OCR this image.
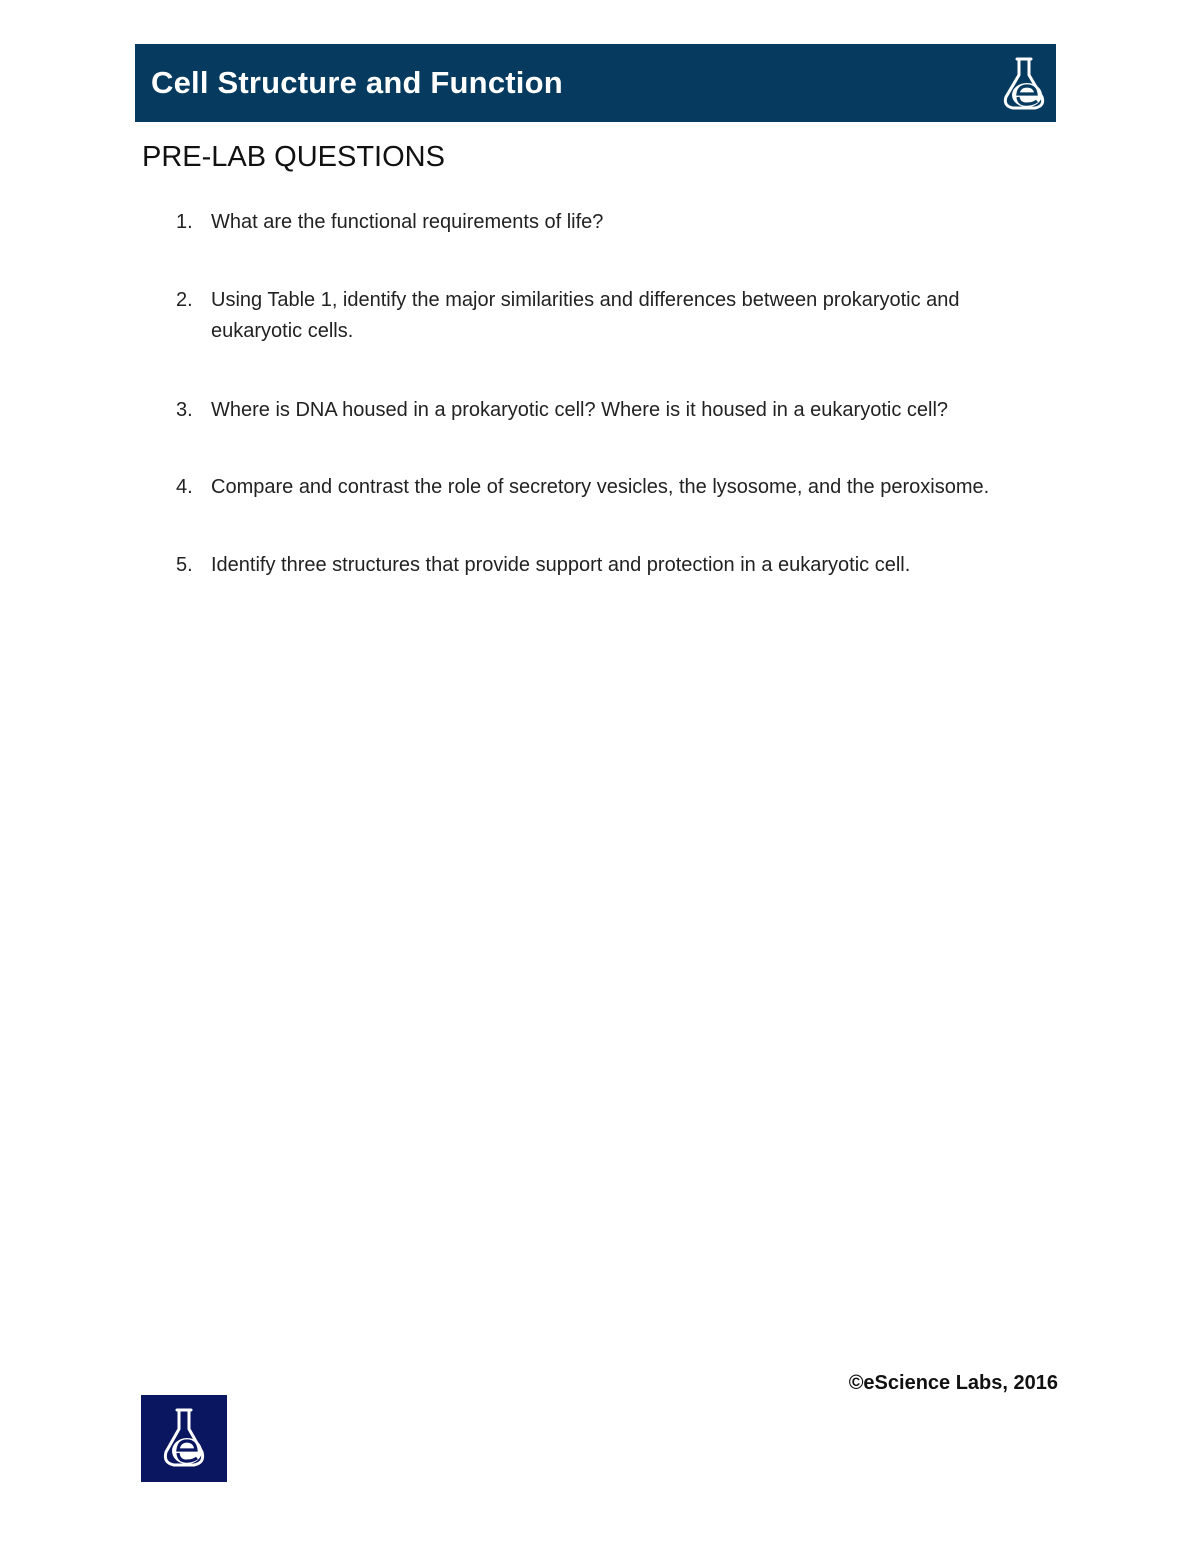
Cell Structure and Function
PRE-LAB QUESTIONS
1. What are the functional requirements of life?
2. Using Table 1, identify the major similarities and differences between prokaryotic and eukaryotic cells.
3. Where is DNA housed in a prokaryotic cell? Where is it housed in a eukaryotic cell?
4. Compare and contrast the role of secretory vesicles, the lysosome, and the peroxisome.
5. Identify three structures that provide support and protection in a eukaryotic cell.
©eScience Labs, 2016
